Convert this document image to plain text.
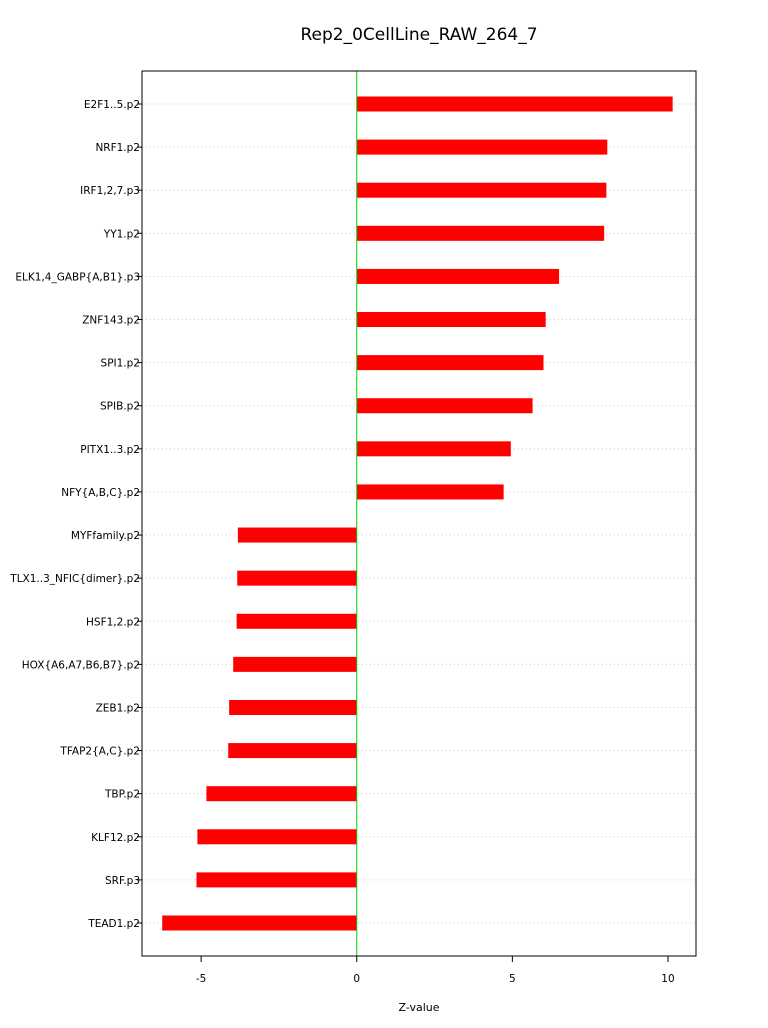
Rep2_0CellLine_RAW_264_7
E2F1..5.p2
NRF1.p2
IRF1,2,7.p3
YY1.p2
ELK1,4_GABP{A,B1}.p3
ZNF143.p2
SPI1.p2
SPIB.p2
PITX1..3.p2
NFY{A,B,C}.p2
MYFfamily.p2
TLX1..3_NFIC{dimer}.p2
HSF1,2.p2
HOX{A6,A7,B6,B7}.p2
ZEB1.p2
TFAP2{A,C}.p2
TBP.p2
KLF12.p2
SRF.p3
TEAD1.p2
-5	0	5	10
Z-value
